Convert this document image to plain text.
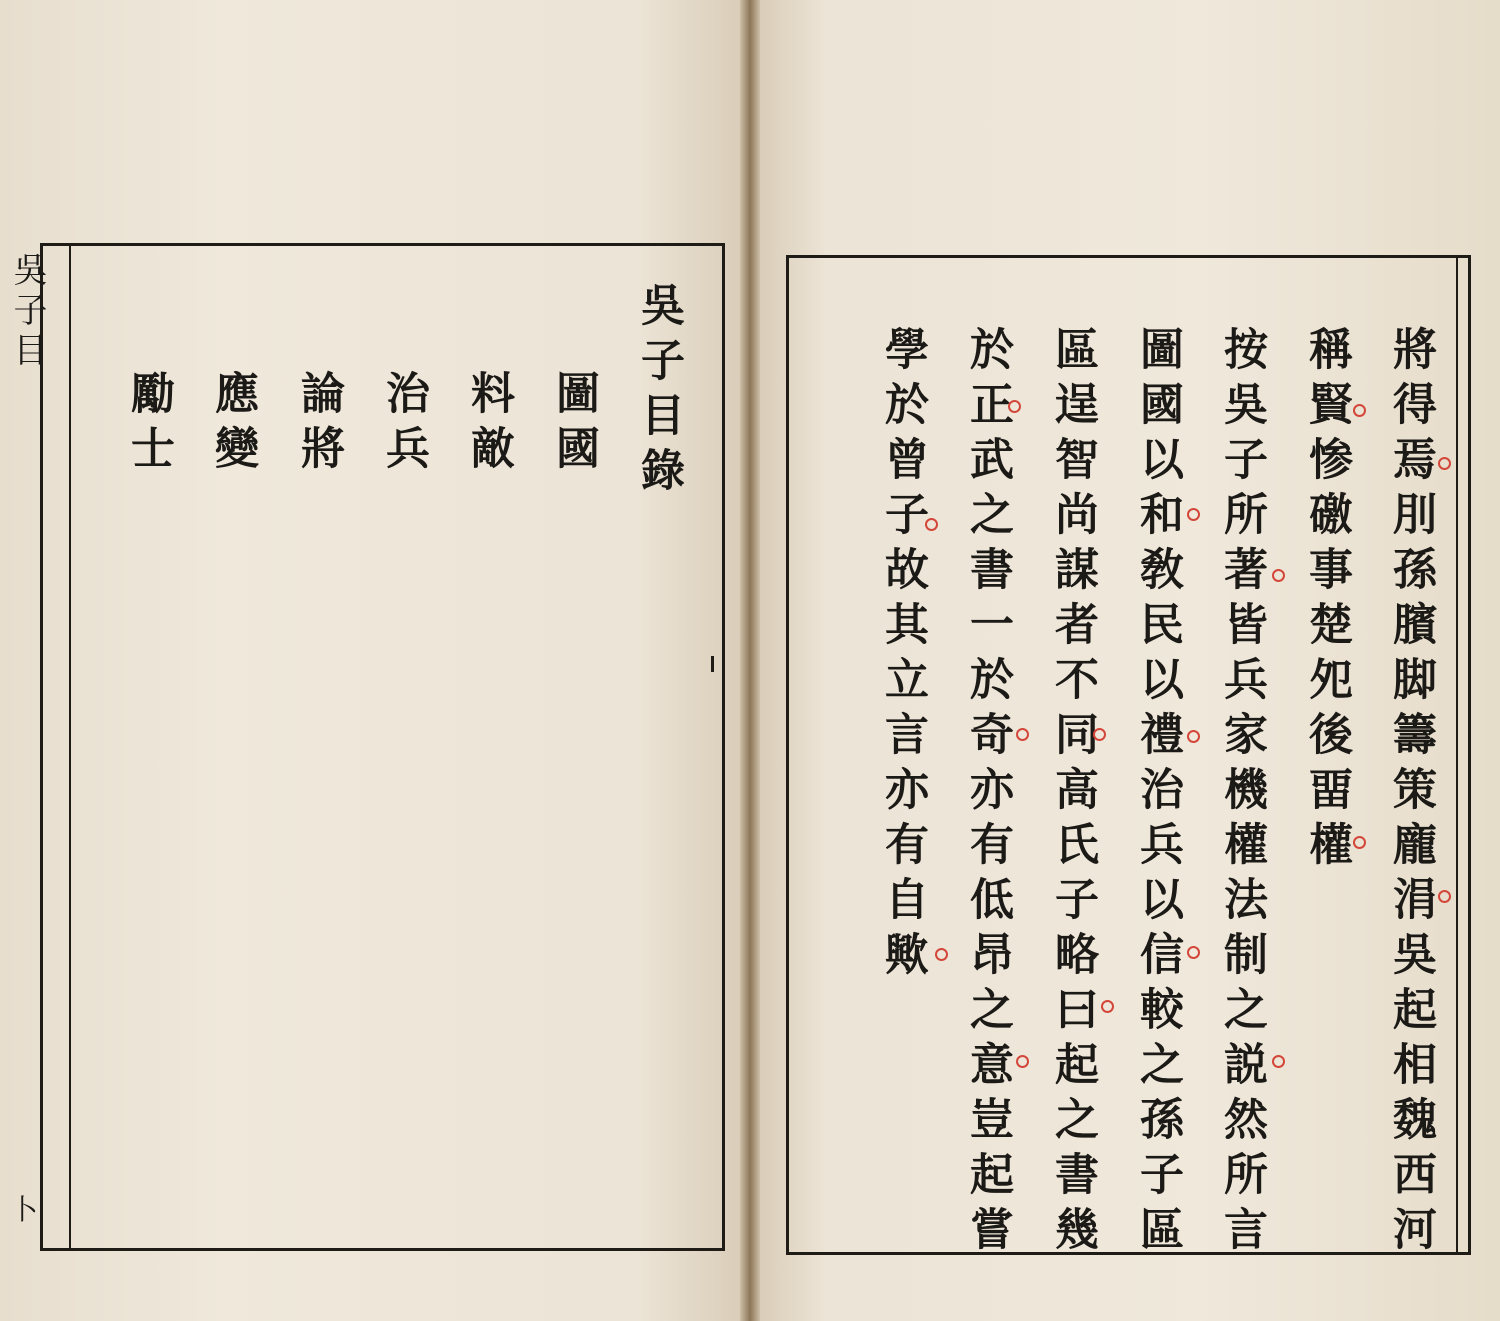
吳子目
卜
吳子目錄
圖國
料敵
治兵
論將
應變
勵士	將得焉刖孫臏脚籌策龐涓吳起相魏西河
稱賢惨礉事楚夗後畱權
按吳子所著皆兵家機權法制之説然所言
圖國以和敎民以禮治兵以信較之孫子區
區逞智尚謀者不同高氏子略曰起之書幾
於正武之書一於奇亦有低昂之意豈起嘗
學於曾子故其立言亦有自歟
